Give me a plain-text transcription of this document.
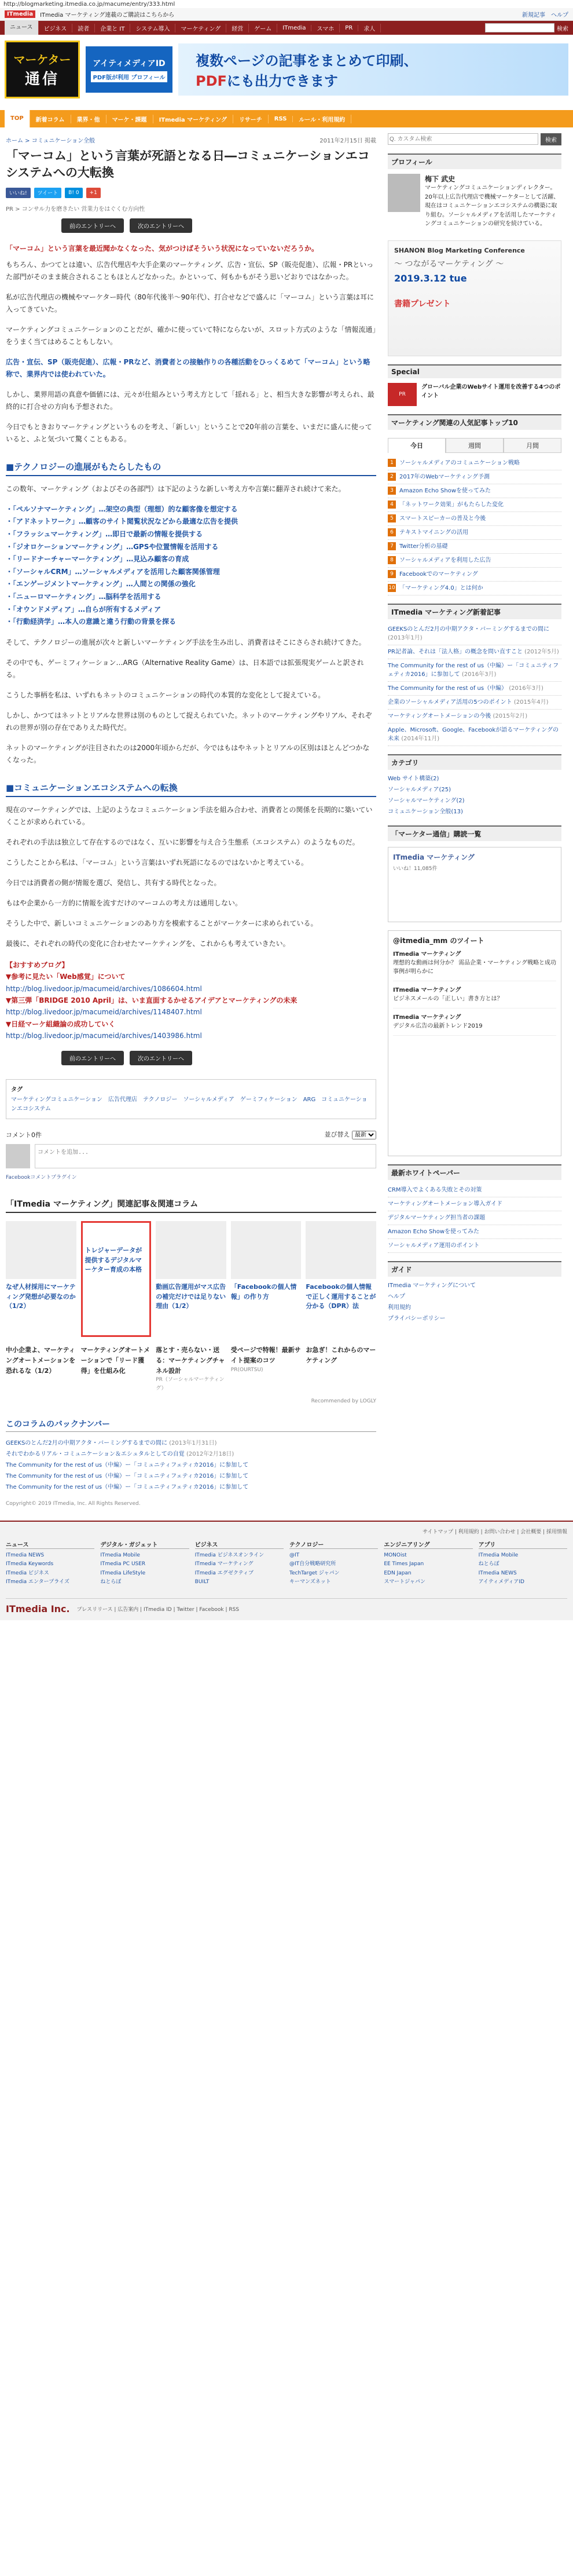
http://blogmarketing.itmedia.co.jp/macume/entry/333.html
ITmedia	ITmedia マーケティング連載のご購読はこちらから	新規記事 ヘルプ
ニュース	ビジネス	読者	企業と IT	システム導入	マーケティング	経営	ゲーム	ITmedia	スマホ	PR	求人	検索
マーケター
通信
アイティメディアID
PDF版が利用 プロフィール
複数ページの記事をまとめて印刷、
PDFにも出力できます
TOP	新着コラム	業界・他	マーケ・課題	ITmedia マーケティング	リサーチ	RSS	ルール・利用規約
ホーム > コミュニケーション全般	2011年2月15日 掲載
「マーコム」という言葉が死語となる日―コミュニケーションエコシステムへの大転換
いいね!	ツイート	B! 0	+1
PR > コンサル力を磨きたい 営業力をはぐくむ方向性
前のエントリーへ	次のエントリーへ
「マーコム」という言葉を最近聞かなくなった、気がつけばそういう状況になっていないだろうか。

もちろん、かつてとは違い、広告代理店や大手企業のマーケティング、広告・宣伝、SP（販売促進）、広報・PRといった部門がそのまま統合されることもほとんどなかった。かといって、何もかもがそう思いどおりではなかった。

私が広告代理店の機械やマーケター時代（80年代後半〜90年代）、打合せなどで盛んに「マーコム」という言葉は耳に入ってきていた。

マーケティングコミュニケーションのことだが、確かに使っていて特にならないが、スロット方式のような「情報流通」をうまく当てはめることもしない。

広告・宣伝、SP（販売促進）、広報・PRなど、消費者との接触作りの各種活動をひっくるめて「マーコム」という略称で、業界内では使われていた。

しかし、業界用語の真意や価値には、元々が仕組みという考え方として「揺れる」と、相当大きな影響が考えられ、最終的に打合せの方向も予想された。

今日でもときおりマーケティングというものを考え、「新しい」ということで20年前の言葉を、いまだに盛んに使っていると、ふと気づいて驚くこともある。

■テクノロジーの進展がもたらしたもの

この数年、マーケティング（およびその各部門）は下記のような新しい考え方や言葉に翻弄され続けて来た。

・「ペルソナマーケティング」…架空の典型（理想）的な顧客像を想定する
・「アドネットワーク」…顧客のサイト閲覧状況などから最適な広告を提供
・「フラッシュマーケティング」…即日で最新の情報を提供する
・「ジオロケーションマーケティング」…GPSや位置情報を活用する
・「リードナーチャーマーケティング」…見込み顧客の育成
・「ソーシャルCRM」…ソーシャルメディアを活用した顧客関係管理
・「エンゲージメントマーケティング」…人間との関係の強化
・「ニューロマーケティング」…脳科学を活用する
・「オウンドメディア」…自らが所有するメディア
・「行動経済学」…本人の意識と違う行動の背景を探る

そして、テクノロジーの進展が次々と新しいマーケティング手法を生み出し、消費者はそこにさらされ続けてきた。

その中でも、ゲーミフィケーション…ARG（Alternative Reality Game）は、日本語では拡張現実ゲームと訳される。

こうした事柄を私は、いずれもネットのコミュニケーションの時代の本質的な変化として捉えている。

しかし、かつてはネットとリアルな世界は別のものとして捉えられていた。ネットのマーケティングやリアル、それぞれの世界が別の存在でありえた時代だ。

ネットのマーケティングが注目されたのは2000年頃からだが、今ではもはやネットとリアルの区別はほとんどつかなくなった。

■コミュニケーションエコシステムへの転換

現在のマーケティングでは、上記のようなコミュニケーション手法を組み合わせ、消費者との関係を長期的に築いていくことが求められている。

それぞれの手法は独立して存在するのではなく、互いに影響を与え合う生態系（エコシステム）のようなものだ。

こうしたことから私は、「マーコム」という言葉はいずれ死語になるのではないかと考えている。

今日では消費者の側が情報を選び、発信し、共有する時代となった。

もはや企業から一方的に情報を流すだけのマーコムの考え方は通用しない。

そうした中で、新しいコミュニケーションのあり方を模索することがマーケターに求められている。

最後に、それぞれの時代の変化に合わせたマーケティングを、これからも考えていきたい。

【おすすめブログ】
▼参考に見たい「Web感覚」について
http://blog.livedoor.jp/macumeid/archives/1086604.html
▼第三弾「BRIDGE 2010 April」は、いま直面するかせるアイデアとマーケティングの未来
http://blog.livedoor.jp/macumeid/archives/1148407.html
▼日経マーケ組織論の成功していく
http://blog.livedoor.jp/macumeid/archives/1403986.html
前のエントリーへ	次のエントリーへ
タグ
マーケティングコミュニケーション　広告代理店　テクノロジー　ソーシャルメディア　ゲーミフィケーション　ARG　コミュニケーションエコシステム
コメント0件	並び替え
最新
コメントを追加...
Facebookコメントプラグイン
「ITmedia マーケティング」関連記事＆関連コラム
なぜ人材採用にマーケティング発想が必要なのか（1/2）
トレジャーデータが提供するデジタルマーケター育成の本格
動画広告運用がマス広告の補完だけでは足りない理由（1/2）
「Facebookの個人情報」の作り方
Facebookの個人情報で正しく運用することが分かる（DPR）法
中小企業よ、マーケティングオートメーションを恐れるな（1/2）
マーケティングオートメーションで「リード獲得」を仕組み化
落とす・売らない・送る：マーケティングチャネル設計
PR（ソーシャルマーケティング）
受ページで特報！最新サイト提案のコツ
PR(OURTSU)
お急ぎ！これからのマーケティング
Recommended by LOGLY
このコラムのバックナンバー
GEEKSのとんだ2月の中期アクタ・バーミングするまでの間に (2013年1月31日)
それでわかるリアル・コミュニケーション＆エシュタルとしての自覚 (2012年2月18日)
The Community for the rest of us（中編）ー「コミュニティフェティカ2016」に参加して
The Community for the rest of us（中編）ー「コミュニティフェティカ2016」に参加して
The Community for the rest of us（中編）ー「コミュニティフェティカ2016」に参加して
Copyright© 2019 ITmedia, Inc. All Rights Reserved.
Q. カスタム検索
検索
プロフィール
梅下 武史
マーケティングコミュニケーションディレクター。20年以上広告代理店で機械マーケターとして活躍、現在はコミュニケーションエコシステムの構築に取り組む。ソーシャルメディアを活用したマーケティングコミュニケーションの研究を続けている。
SHANON Blog Marketing Conference
〜 つながるマーケティング 〜
2019.3.12 tue
書籍プレゼント
Special
PR
グローバル企業のWebサイト運用を改善する4つのポイント
マーケティング関連の人気記事トップ10
今日	週間	月間
1	ソーシャルメディアのコミュニケーション戦略
2	2017年のWebマーケティング予測
3	Amazon Echo Showを使ってみた
4	「ネットワーク効果」がもたらした変化
5	スマートスピーカーの普及と今後
6	テキストマイニングの活用
7	Twitter分析の基礎
8	ソーシャルメディアを利用した広告
9	Facebookでのマーケティング
10 「マーケティング4.0」とは何か
ITmedia マーケティング新着記事
GEEKSのとんだ2月の中期アクタ・バーミングするまでの間に (2013年1月)
PR記者論、それは「法人格」の概念を問い直すこと (2012年5月)
The Community for the rest of us（中編）ー「コミュニティフェティカ2016」に参加して (2016年3月)
The Community for the rest of us（中編） (2016年3月)
企業のソーシャルメディア活用の5つのポイント (2015年4月)
マーケティングオートメーションの今後 (2015年2月)
Apple、Microsoft、Google、Facebookが語るマーケティングの未来 (2014年11月)
カテゴリ
Web サイト構築(2)
ソーシャルメディア(25)
ソーシャルマーケティング(2)
コミュニケーション全般(13)
「マーケター通信」購読一覧
ITmedia マーケティング
いいね！11,085件
@itmedia_mm のツイート
ITmedia マーケティング
理想的な動画は何分か？ 需品企業・マーケティング戦略と成功事例が明らかに
ITmedia マーケティング
ビジネスメールの「正しい」書き方とは？
ITmedia マーケティング
デジタル広告の最新トレンド2019
最新ホワイトペーパー
CRM導入でよくある失敗とその対策
マーケティングオートメーション導入ガイド
デジタルマーケティング担当者の課題
Amazon Echo Showを使ってみた
ソーシャルメディア運用のポイント
ガイド
ITmedia マーケティングについて
ヘルプ
利用規約
プライバシーポリシー
サイトマップ | 利用規約 | お問い合わせ | 会社概要 | 採用情報
ニュース
ITmedia NEWS
ITmedia Keywords
ITmedia ビジネス
ITmedia エンタープライズ
デジタル・ガジェット
ITmedia Mobile
ITmedia PC USER
ITmedia LifeStyle
ねとらぼ
ビジネス
ITmedia ビジネスオンライン
ITmedia マーケティング
ITmedia エグゼクティブ
BUILT
テクノロジー
@IT
@IT自分戦略研究所
TechTarget ジャパン
キーマンズネット
エンジニアリング
MONOist
EE Times Japan
EDN Japan
スマートジャパン
アプリ
ITmedia Mobile
ねとらぼ
ITmedia NEWS
アイティメディアID
ITmedia Inc. プレスリリース | 広告案内 | ITmedia ID | Twitter | Facebook | RSS
